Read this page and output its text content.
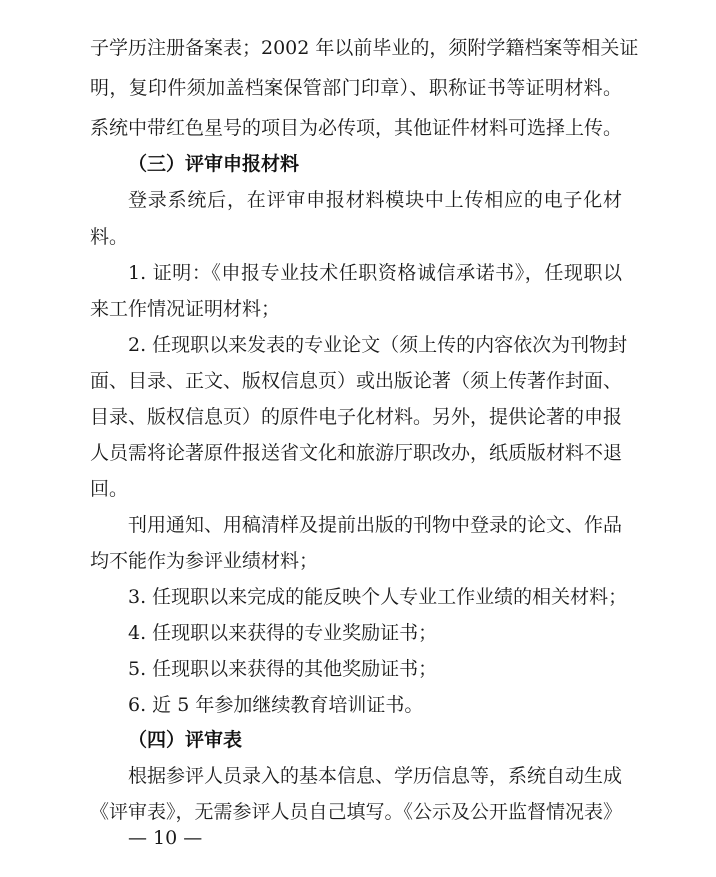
子学历注册备案表；2002 年以前毕业的，须附学籍档案等相关证
明，复印件须加盖档案保管部门印章）、职称证书等证明材料。
系统中带红色星号的项目为必传项，其他证件材料可选择上传。
（三）评审申报材料
登录系统后，在评审申报材料模块中上传相应的电子化材
料。
1. 证明：《申报专业技术任职资格诚信承诺书》，任现职以
来工作情况证明材料；
2. 任现职以来发表的专业论文（须上传的内容依次为刊物封
面、目录、正文、版权信息页）或出版论著（须上传著作封面、
目录、版权信息页）的原件电子化材料。另外，提供论著的申报
人员需将论著原件报送省文化和旅游厅职改办，纸质版材料不退
回。
刊用通知、用稿清样及提前出版的刊物中登录的论文、作品
均不能作为参评业绩材料；
3. 任现职以来完成的能反映个人专业工作业绩的相关材料；
4. 任现职以来获得的专业奖励证书；
5. 任现职以来获得的其他奖励证书；
6. 近 5 年参加继续教育培训证书。
（四）评审表
根据参评人员录入的基本信息、学历信息等，系统自动生成
《评审表》，无需参评人员自己填写。《公示及公开监督情况表》
— 10 —
